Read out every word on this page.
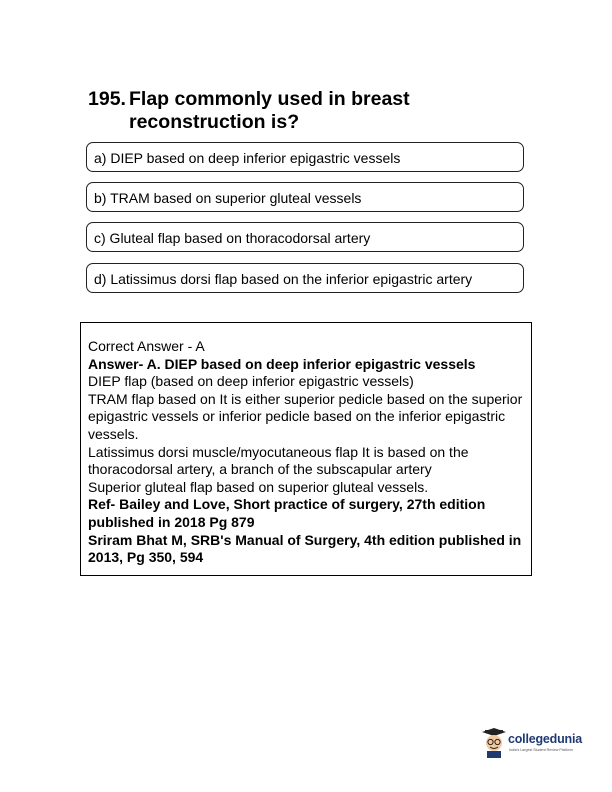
195. Flap commonly used in breast
reconstruction is?
a) DIEP based on deep inferior epigastric vessels
b) TRAM based on superior gluteal vessels
c) Gluteal flap based on thoracodorsal artery
d) Latissimus dorsi flap based on the inferior epigastric artery

Correct Answer - A

Answer- A. DIEP based on deep inferior epigastric vessels

DIEP flap (based on deep inferior epigastric vessels)

TRAM flap based on It is either superior pedicle based on the superior epigastric vessels or inferior pedicle based on the inferior epigastric vessels.

Latissimus dorsi muscle/myocutaneous flap It is based on the thoracodorsal artery, a branch of the subscapular artery

Superior gluteal flap based on superior gluteal vessels.

Ref- Bailey and Love, Short practice of surgery, 27th edition published in 2018 Pg 879

Sriram Bhat M, SRB's Manual of Surgery, 4th edition published in 2013, Pg 350, 594

collegedunia
India's Largest Student Review Platform
